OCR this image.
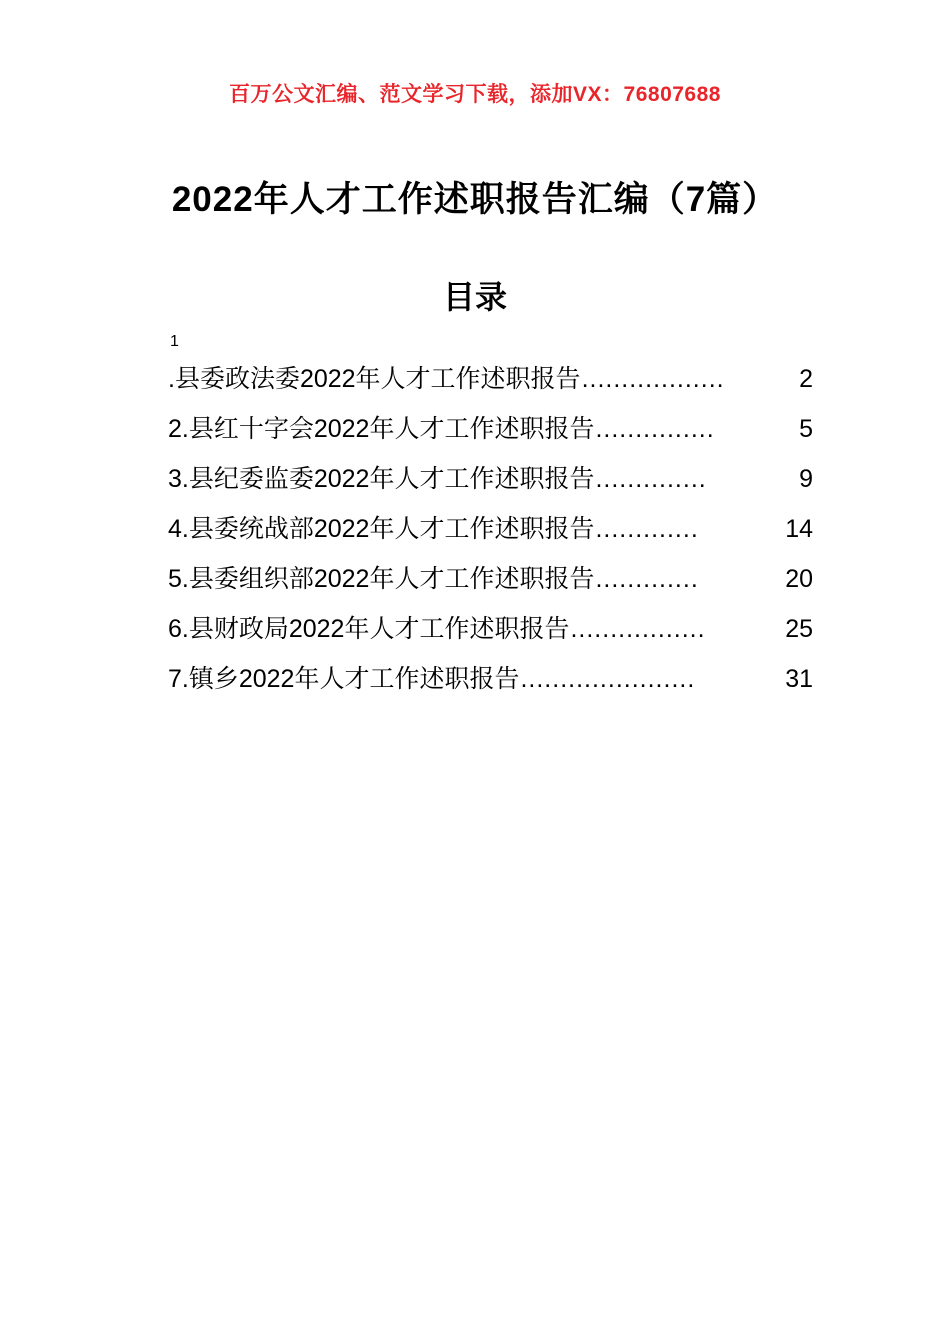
百万公文汇编、范文学习下载，添加VX：76807688
2022年人才工作述职报告汇编（7篇）
目录
1
.县委政法委2022年人才工作述职报告 ..................	2
2.县红十字会2022年人才工作述职报告 ...............	5
3.县纪委监委2022年人才工作述职报告 ..............	9
4.县委统战部2022年人才工作述职报告 .............	14
5.县委组织部2022年人才工作述职报告 .............	20
6.县财政局2022年人才工作述职报告 .................	25
7.镇乡2022年人才工作述职报告 ......................	31
